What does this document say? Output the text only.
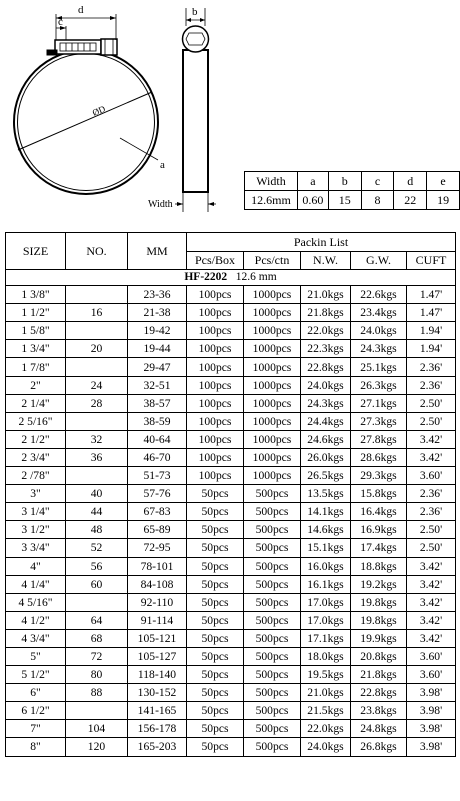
d
c
b
a
ØD
Width
Width	a	b	c	d	e
12.6mm	0.60	15	8	22	19
SIZE	NO.	MM	Packin List				
			Pcs/Box	Pcs/ctn	N.W.	G.W.	CUFT
HF-2202 12.6 mm							
1 3/8"		23-36	100pcs	1000pcs	21.0kgs	22.6kgs	1.47'
1 1/2"	16	21-38	100pcs	1000pcs	21.8kgs	23.4kgs	1.47'
1 5/8"		19-42	100pcs	1000pcs	22.0kgs	24.0kgs	1.94'
1 3/4"	20	19-44	100pcs	1000pcs	22.3kgs	24.3kgs	1.94'
1 7/8"		29-47	100pcs	1000pcs	22.8kgs	25.1kgs	2.36'
2"	24	32-51	100pcs	1000pcs	24.0kgs	26.3kgs	2.36'
2 1/4"	28	38-57	100pcs	1000pcs	24.3kgs	27.1kgs	2.50'
2 5/16"		38-59	100pcs	1000pcs	24.4kgs	27.3kgs	2.50'
2 1/2"	32	40-64	100pcs	1000pcs	24.6kgs	27.8kgs	3.42'
2 3/4"	36	46-70	100pcs	1000pcs	26.0kgs	28.6kgs	3.42'
2 /78"		51-73	100pcs	1000pcs	26.5kgs	29.3kgs	3.60'
3"	40	57-76	50pcs	500pcs	13.5kgs	15.8kgs	2.36'
3 1/4"	44	67-83	50pcs	500pcs	14.1kgs	16.4kgs	2.36'
3 1/2"	48	65-89	50pcs	500pcs	14.6kgs	16.9kgs	2.50'
3 3/4"	52	72-95	50pcs	500pcs	15.1kgs	17.4kgs	2.50'
4"	56	78-101	50pcs	500pcs	16.0kgs	18.8kgs	3.42'
4 1/4"	60	84-108	50pcs	500pcs	16.1kgs	19.2kgs	3.42'
4 5/16"		92-110	50pcs	500pcs	17.0kgs	19.8kgs	3.42'
4 1/2"	64	91-114	50pcs	500pcs	17.0kgs	19.8kgs	3.42'
4 3/4"	68	105-121	50pcs	500pcs	17.1kgs	19.9kgs	3.42'
5"	72	105-127	50pcs	500pcs	18.0kgs	20.8kgs	3.60'
5 1/2"	80	118-140	50pcs	500pcs	19.5kgs	21.8kgs	3.60'
6"	88	130-152	50pcs	500pcs	21.0kgs	22.8kgs	3.98'
6 1/2"		141-165	50pcs	500pcs	21.5kgs	23.8kgs	3.98'
7"	104	156-178	50pcs	500pcs	22.0kgs	24.8kgs	3.98'
8"	120	165-203	50pcs	500pcs	24.0kgs	26.8kgs	3.98'
